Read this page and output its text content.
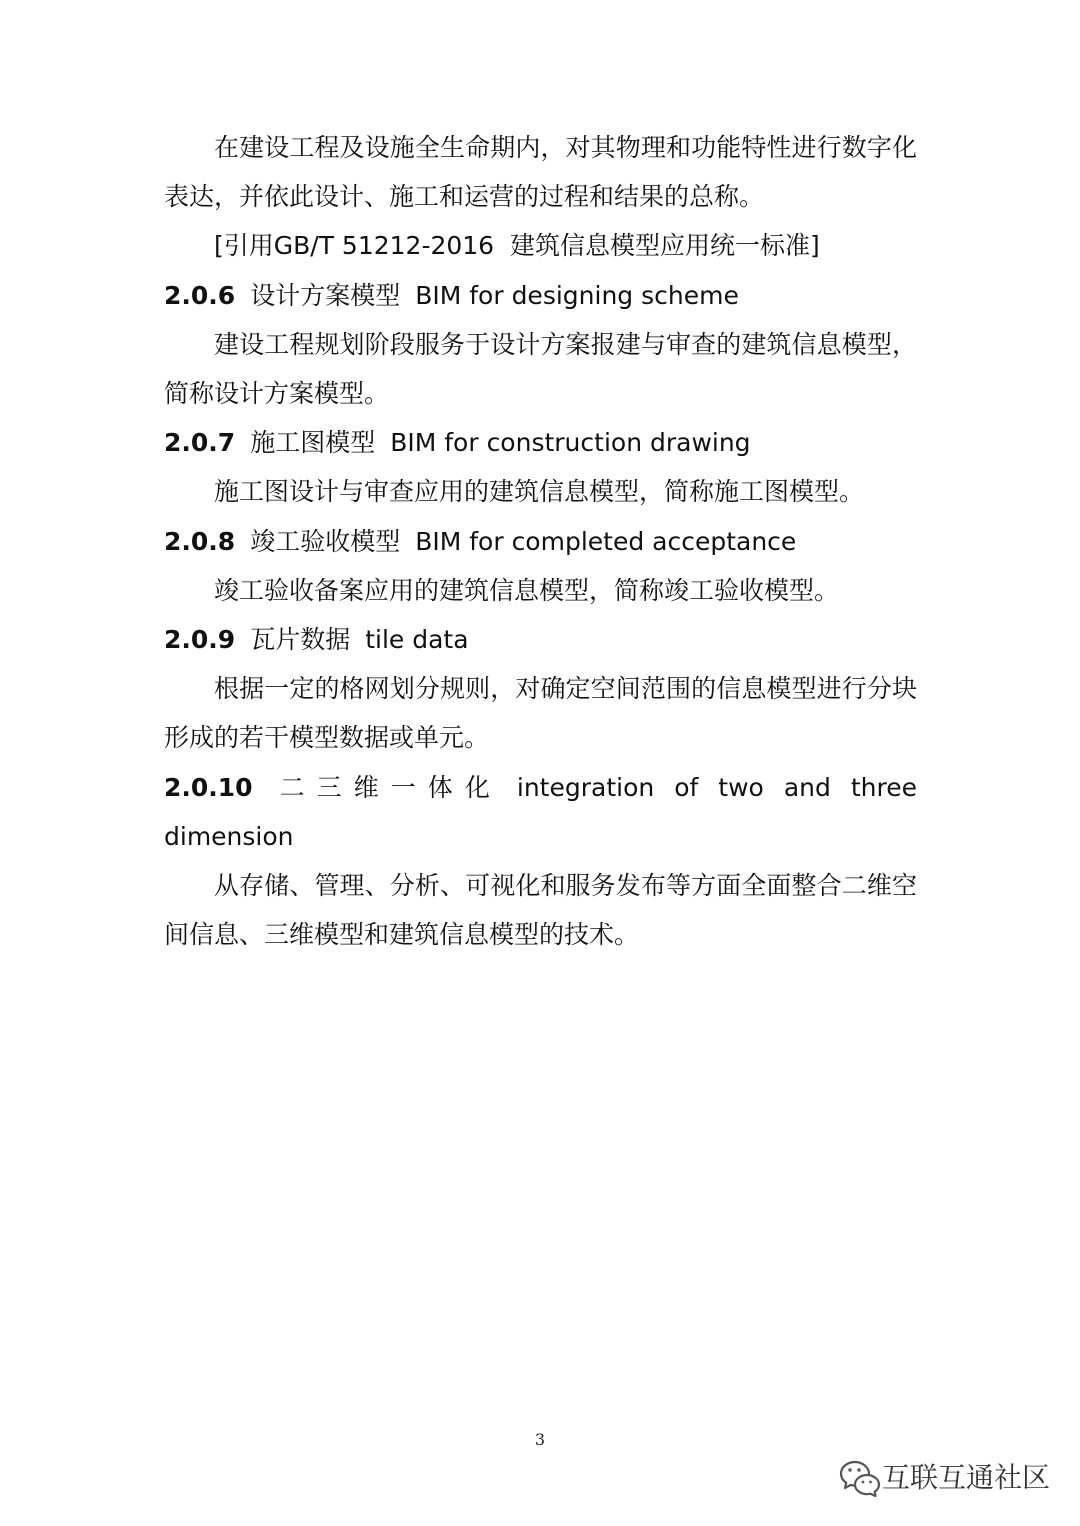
在建设工程及设施全生命期内，对其物理和功能特性进行数字化表达，并依此设计、施工和运营的过程和结果的总称。

[引用GB/T 51212-2016  建筑信息模型应用统一标准]

2.0.6 设计方案模型 BIM for designing scheme

建设工程规划阶段服务于设计方案报建与审查的建筑信息模型，简称设计方案模型。

2.0.7 施工图模型 BIM for construction drawing

施工图设计与审查应用的建筑信息模型，简称施工图模型。

2.0.8 竣工验收模型 BIM for completed acceptance

竣工验收备案应用的建筑信息模型，简称竣工验收模型。

2.0.9 瓦片数据 tile data

根据一定的格网划分规则，对确定空间范围的信息模型进行分块形成的若干模型数据或单元。

2.0.10 二三维一体化 integration of two and three dimension

从存储、管理、分析、可视化和服务发布等方面全面整合二维空间信息、三维模型和建筑信息模型的技术。

3
互联互通社区
